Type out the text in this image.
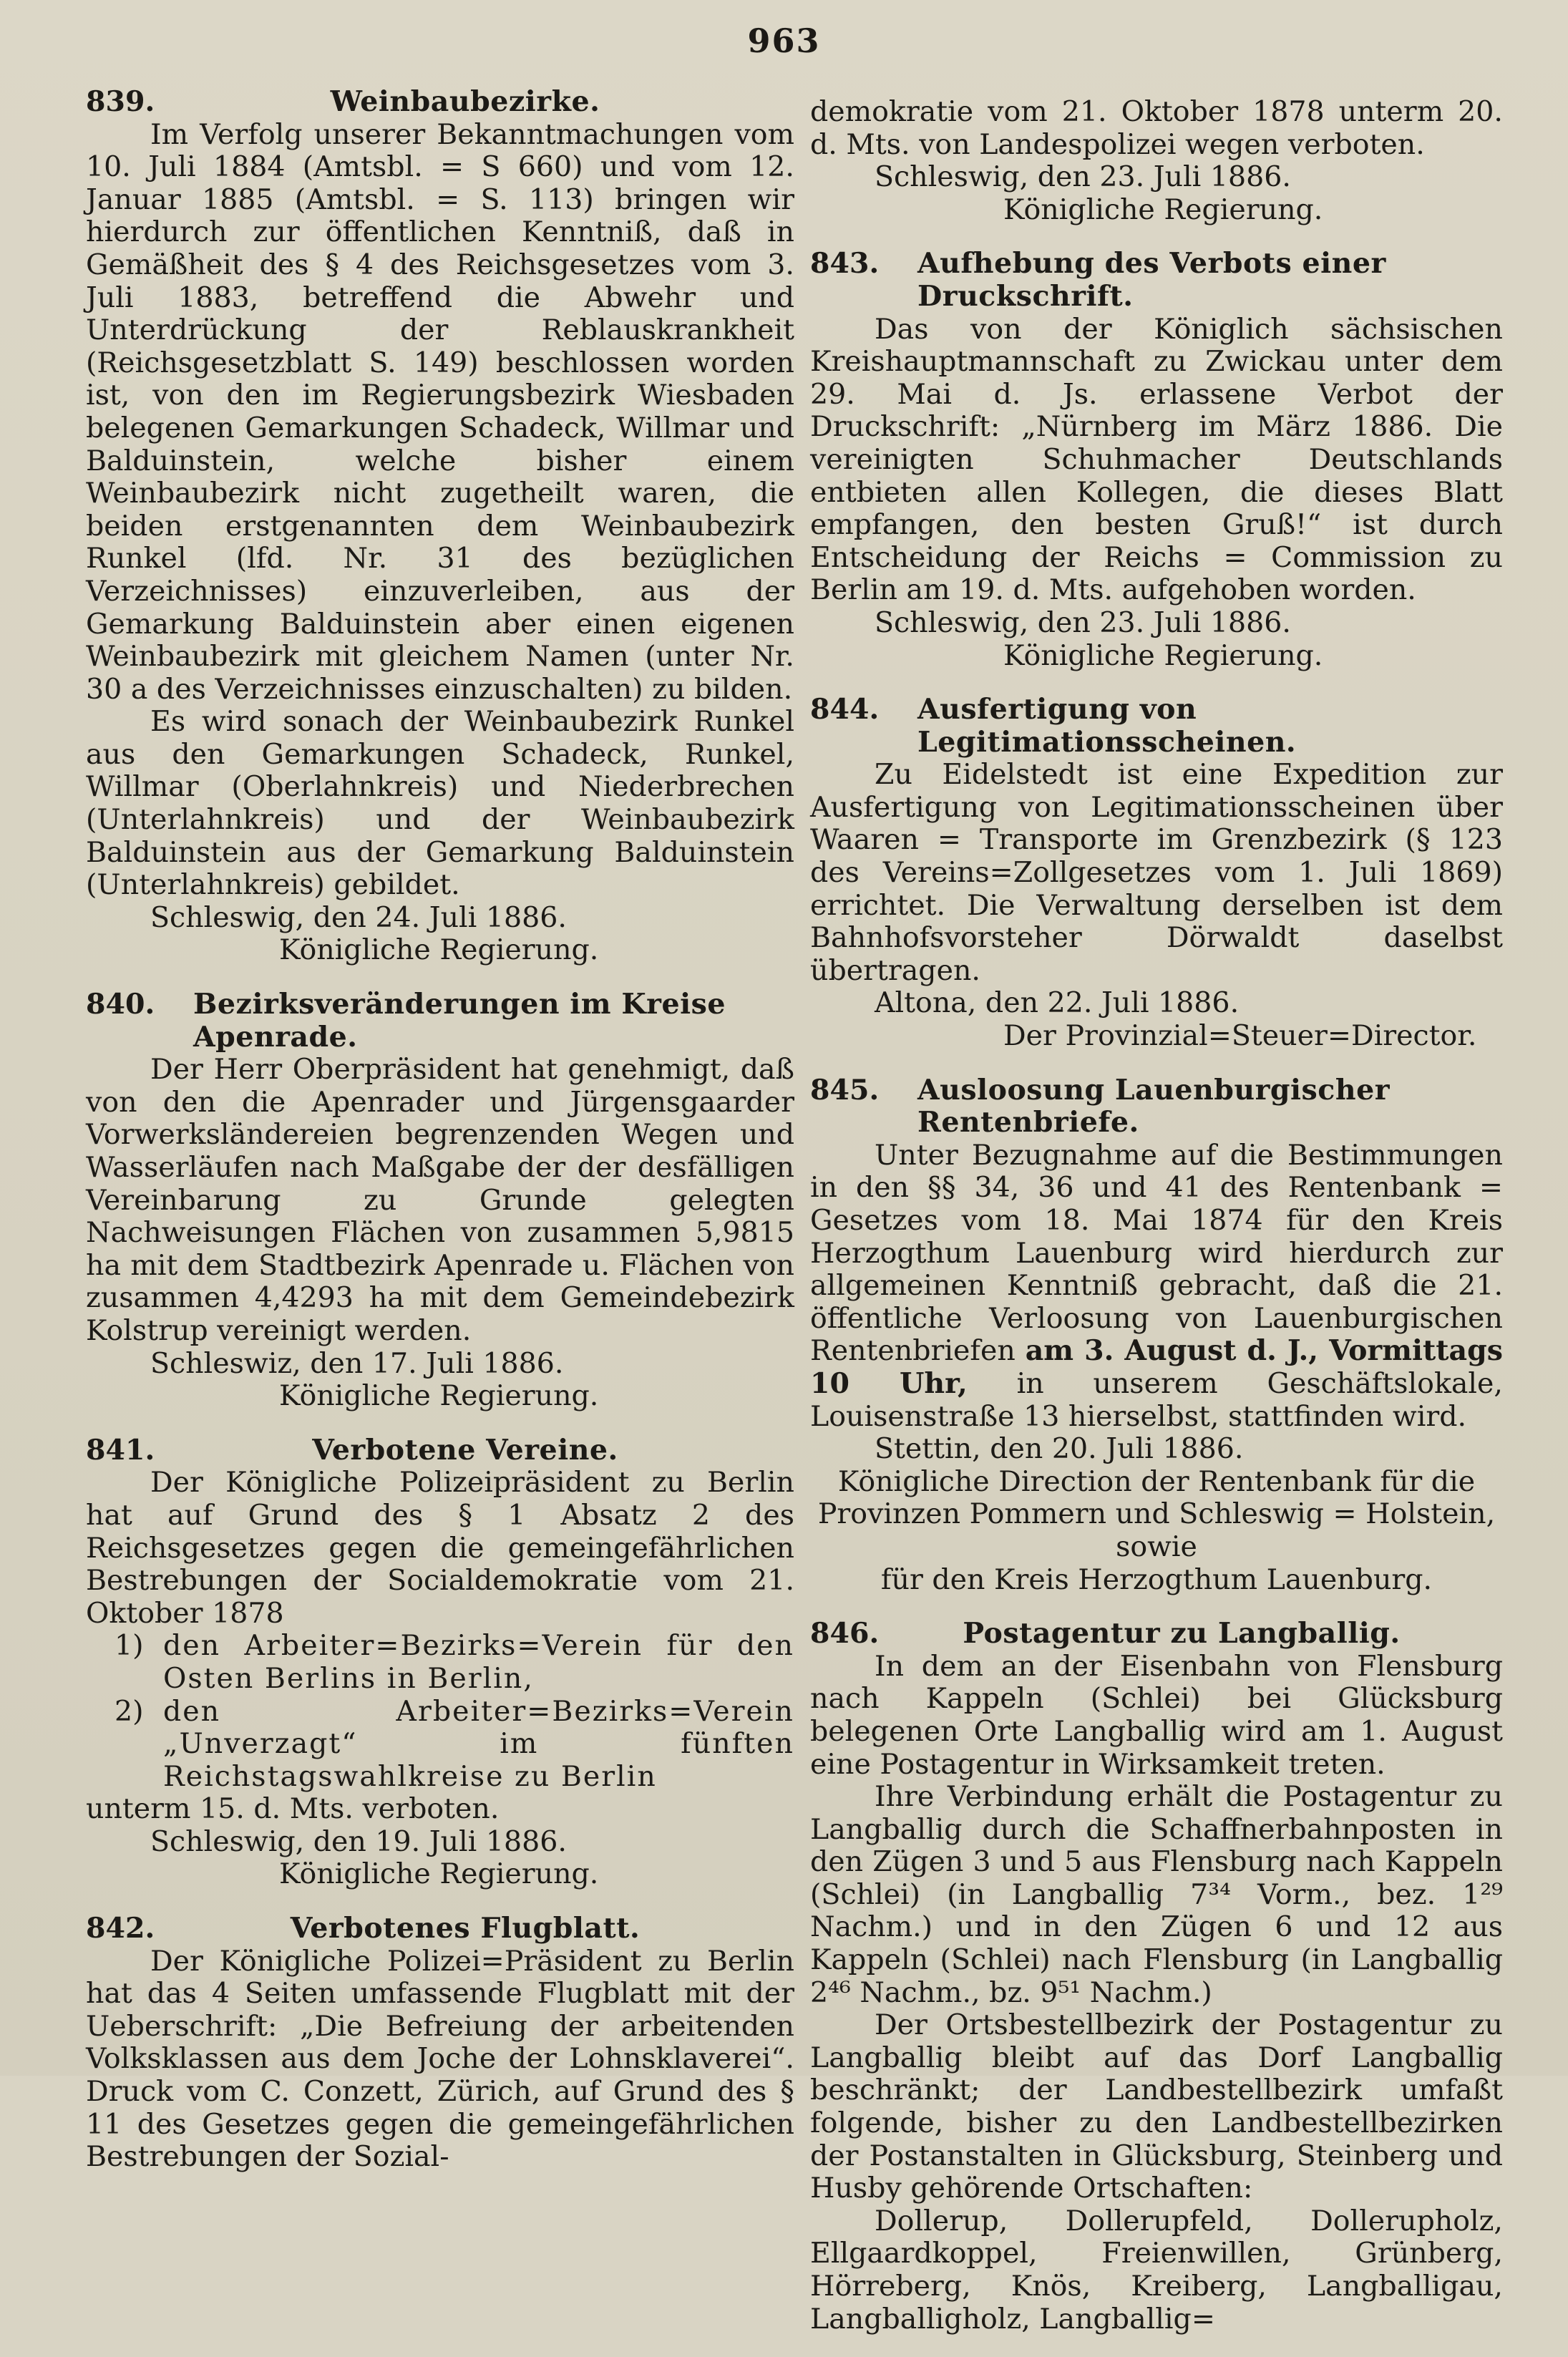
963
839.	Weinbaubezirke.

Im Verfolg unserer Bekanntmachungen vom 10. Juli 1884 (Amtsbl. = S 660) und vom 12. Januar 1885 (Amtsbl. = S. 113) bringen wir hierdurch zur öffentlichen Kenntniß, daß in Gemäßheit des § 4 des Reichsgesetzes vom 3. Juli 1883, betreffend die Abwehr und Unterdrückung der Reblauskrankheit (Reichsgesetzblatt S. 149) beschlossen worden ist, von den im Regierungsbezirk Wiesbaden belegenen Gemarkungen Schadeck, Willmar und Balduinstein, welche bisher einem Weinbaubezirk nicht zugetheilt waren, die beiden erstgenannten dem Weinbaubezirk Runkel (lfd. Nr. 31 des bezüglichen Verzeichnisses) einzuverleiben, aus der Gemarkung Balduinstein aber einen eigenen Weinbaubezirk mit gleichem Namen (unter Nr. 30 a des Verzeichnisses einzuschalten) zu bilden.

Es wird sonach der Weinbaubezirk Runkel aus den Gemarkungen Schadeck, Runkel, Willmar (Oberlahnkreis) und Niederbrechen (Unterlahnkreis) und der Weinbaubezirk Balduinstein aus der Gemarkung Balduinstein (Unterlahnkreis) gebildet.

Schleswig, den 24. Juli 1886.
Königliche Regierung.
840.	Bezirksveränderungen im Kreise Apenrade.

Der Herr Oberpräsident hat genehmigt, daß von den die Apenrader und Jürgensgaarder Vorwerksländereien begrenzenden Wegen und Wasserläufen nach Maßgabe der der desfälligen Vereinbarung zu Grunde gelegten Nachweisungen Flächen von zusammen 5,9815 ha mit dem Stadtbezirk Apenrade u. Flächen von zusammen 4,4293 ha mit dem Gemeindebezirk Kolstrup vereinigt werden.

Schleswiz, den 17. Juli 1886.
Königliche Regierung.
841.	Verbotene Vereine.

Der Königliche Polizeipräsident zu Berlin hat auf Grund des § 1 Absatz 2 des Reichsgesetzes gegen die gemeingefährlichen Bestrebungen der Socialdemokratie vom 21. Oktober 1878

1) den Arbeiter=Bezirks=Verein für den Osten Berlins in Berlin,
2) den Arbeiter=Bezirks=Verein „Unverzagt“ im fünften Reichstagswahlkreise zu Berlin

unterm 15. d. Mts. verboten.

Schleswig, den 19. Juli 1886.
Königliche Regierung.
842.	Verbotenes Flugblatt.

Der Königliche Polizei=Präsident zu Berlin hat das 4 Seiten umfassende Flugblatt mit der Ueberschrift: „Die Befreiung der arbeitenden Volksklassen aus dem Joche der Lohnsklaverei“. Druck vom C. Conzett, Zürich, auf Grund des § 11 des Gesetzes gegen die gemeingefährlichen Bestrebungen der Sozial-

demokratie vom 21. Oktober 1878 unterm 20. d. Mts. von Landespolizei wegen verboten.

Schleswig, den 23. Juli 1886.
Königliche Regierung.
843.	Aufhebung des Verbots einer Druckschrift.

Das von der Königlich sächsischen Kreishauptmannschaft zu Zwickau unter dem 29. Mai d. Js. erlassene Verbot der Druckschrift: „Nürnberg im März 1886. Die vereinigten Schuhmacher Deutschlands entbieten allen Kollegen, die dieses Blatt empfangen, den besten Gruß!“ ist durch Entscheidung der Reichs = Commission zu Berlin am 19. d. Mts. aufgehoben worden.

Schleswig, den 23. Juli 1886.
Königliche Regierung.
844.	Ausfertigung von Legitimationsscheinen.

Zu Eidelstedt ist eine Expedition zur Ausfertigung von Legitimationsscheinen über Waaren = Transporte im Grenzbezirk (§ 123 des Vereins=Zollgesetzes vom 1. Juli 1869) errichtet. Die Verwaltung derselben ist dem Bahnhofsvorsteher Dörwaldt daselbst übertragen.

Altona, den 22. Juli 1886.
Der Provinzial=Steuer=Director.
845.	Ausloosung Lauenburgischer Rentenbriefe.

Unter Bezugnahme auf die Bestimmungen in den §§ 34, 36 und 41 des Rentenbank = Gesetzes vom 18. Mai 1874 für den Kreis Herzogthum Lauenburg wird hierdurch zur allgemeinen Kenntniß gebracht, daß die 21. öffentliche Verloosung von Lauenburgischen Rentenbriefen am 3. August d. J., Vormittags 10 Uhr, in unserem Geschäftslokale, Louisenstraße 13 hierselbst, stattfinden wird.

Stettin, den 20. Juli 1886.
Königliche Direction der Rentenbank für die
Provinzen Pommern und Schleswig = Holstein, sowie
für den Kreis Herzogthum Lauenburg.
846.	Postagentur zu Langballig.

In dem an der Eisenbahn von Flensburg nach Kappeln (Schlei) bei Glücksburg belegenen Orte Langballig wird am 1. August eine Postagentur in Wirksamkeit treten.

Ihre Verbindung erhält die Postagentur zu Langballig durch die Schaffnerbahnposten in den Zügen 3 und 5 aus Flensburg nach Kappeln (Schlei) (in Langballig 7³⁴ Vorm., bez. 1²⁹ Nachm.) und in den Zügen 6 und 12 aus Kappeln (Schlei) nach Flensburg (in Langballig 2⁴⁶ Nachm., bz. 9⁵¹ Nachm.)

Der Ortsbestellbezirk der Postagentur zu Langballig bleibt auf das Dorf Langballig beschränkt; der Landbestellbezirk umfaßt folgende, bisher zu den Landbestellbezirken der Postanstalten in Glücksburg, Steinberg und Husby gehörende Ortschaften:

Dollerup, Dollerupfeld, Dollerupholz, Ellgaardkoppel, Freienwillen, Grünberg, Hörreberg, Knös, Kreiberg, Langballigau, Langballigholz, Langballig=
